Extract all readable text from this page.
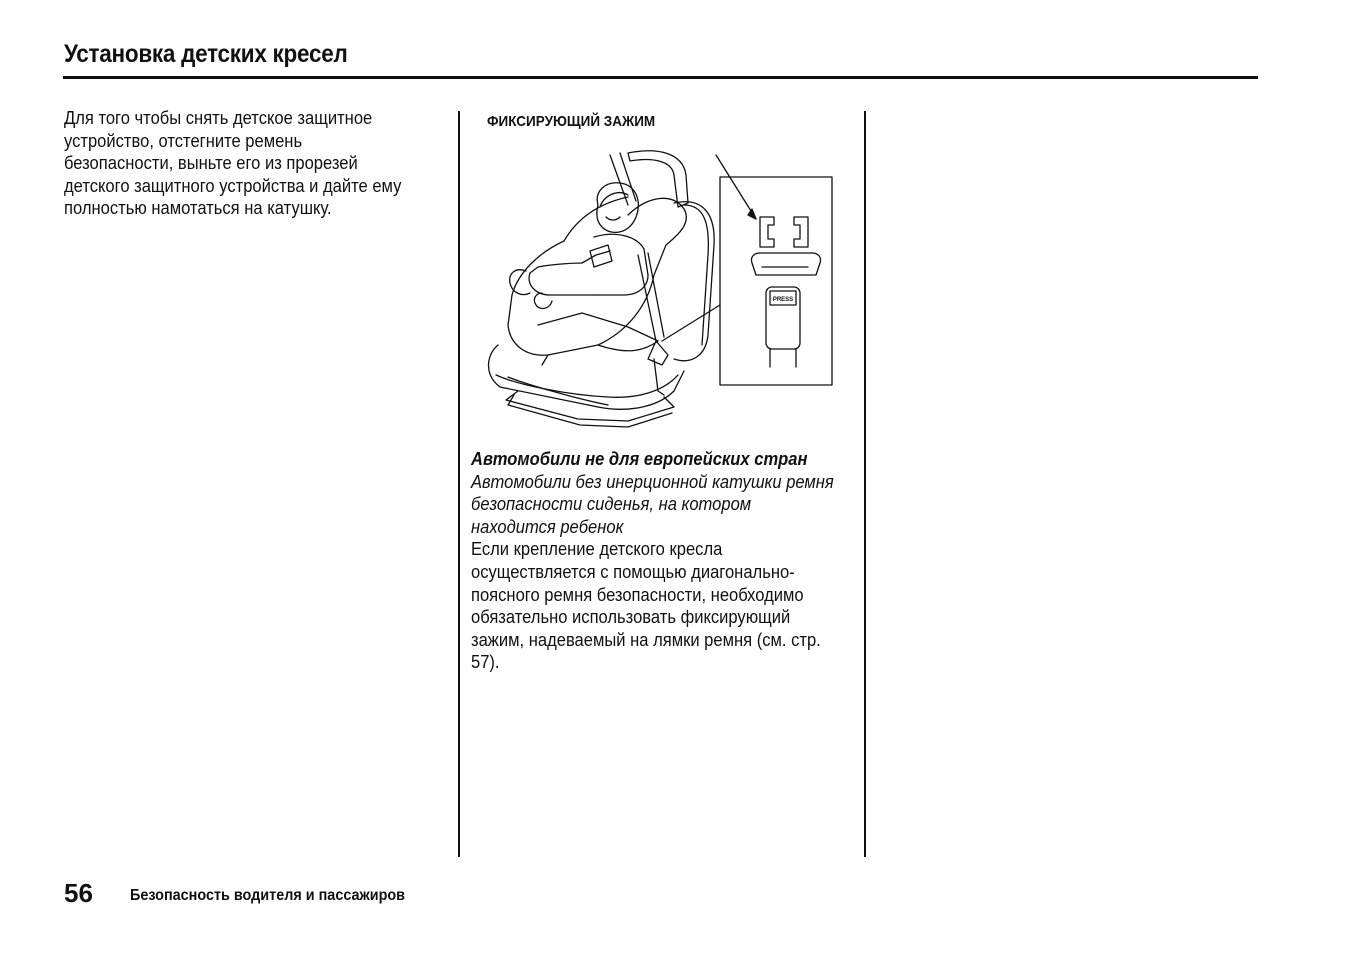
Установка детских кресел

Для того чтобы снять детское защитное устройство, отстегните ремень безопасности, выньте его из прорезей детского защитного устройства и дайте ему полностью намотаться на катушку.

ФИКСИРУЮЩИЙ ЗАЖИМ

PRESS

Автомобили не для европейских стран

Автомобили без инерционной катушки ремня безопасности сиденья, на котором находится ребенок

Если крепление детского кресла осуществляется с помощью диагонально-поясного ремня безопасности, необходимо обязательно использовать фиксирующий зажим, надеваемый на лямки ремня (см. стр. 57).

56 Безопасность водителя и пассажиров
